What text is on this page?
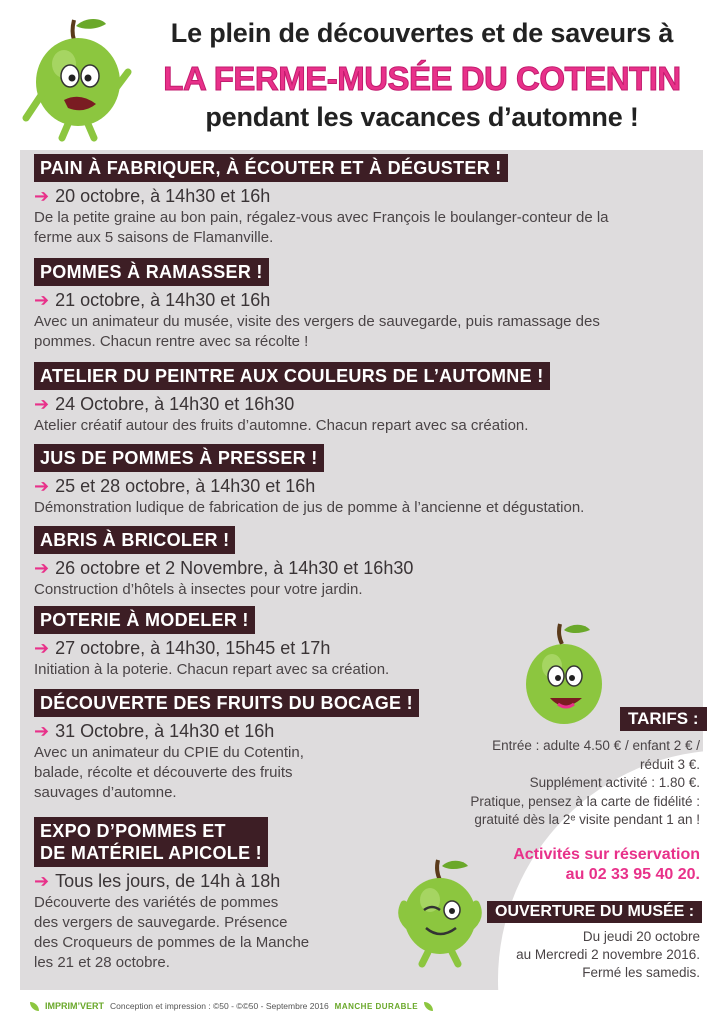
Le plein de découvertes et de saveurs à
LA FERME-MUSÉE DU COTENTIN
pendant les vacances d’automne !
PAIN À FABRIQUER, À ÉCOUTER ET À DÉGUSTER !
➔ 20 octobre, à 14h30 et 16h
De la petite graine au bon pain, régalez-vous avec François le boulanger-conteur de la
ferme aux 5 saisons de Flamanville.
POMMES À RAMASSER !
➔ 21 octobre, à 14h30 et 16h
Avec un animateur du musée, visite des vergers de sauvegarde, puis ramassage des
pommes. Chacun rentre avec sa récolte !
ATELIER DU PEINTRE AUX COULEURS DE L’AUTOMNE !
➔ 24 Octobre, à 14h30 et 16h30
Atelier créatif autour des fruits d’automne. Chacun repart avec sa création.
JUS DE POMMES À PRESSER !
➔ 25 et 28 octobre, à 14h30 et 16h
Démonstration ludique de fabrication de jus de pomme à l’ancienne et dégustation.
ABRIS À BRICOLER !
➔ 26 octobre et 2 Novembre, à 14h30 et 16h30
Construction d’hôtels à insectes pour votre jardin.
POTERIE À MODELER !
➔ 27 octobre, à 14h30, 15h45 et 17h
Initiation à la poterie. Chacun repart avec sa création.
DÉCOUVERTE DES FRUITS DU BOCAGE !
➔ 31 Octobre, à 14h30 et 16h
Avec un animateur du CPIE du Cotentin,
balade, récolte et découverte des fruits
sauvages d’automne.
EXPO D’POMMES ET
DE MATÉRIEL APICOLE !
➔ Tous les jours, de 14h à 18h
Découverte des variétés de pommes
des vergers de sauvegarde. Présence
des Croqueurs de pommes de la Manche
les 21 et 28 octobre.
TARIFS :
Entrée : adulte 4.50 € / enfant 2 € /
réduit 3 €.
Supplément activité : 1.80 €.
Pratique, pensez à la carte de fidélité :
gratuité dès la 2ᵉ visite pendant 1 an !
Activités sur réservation
au 02 33 95 40 20.
OUVERTURE DU MUSÉE :
Du jeudi 20 octobre
au Mercredi 2 novembre 2016.
Fermé les samedis.
IMPRIM’VERT Conception et impression : ©50 - ©©50 - Septembre 2016 MANCHE DURABLE
